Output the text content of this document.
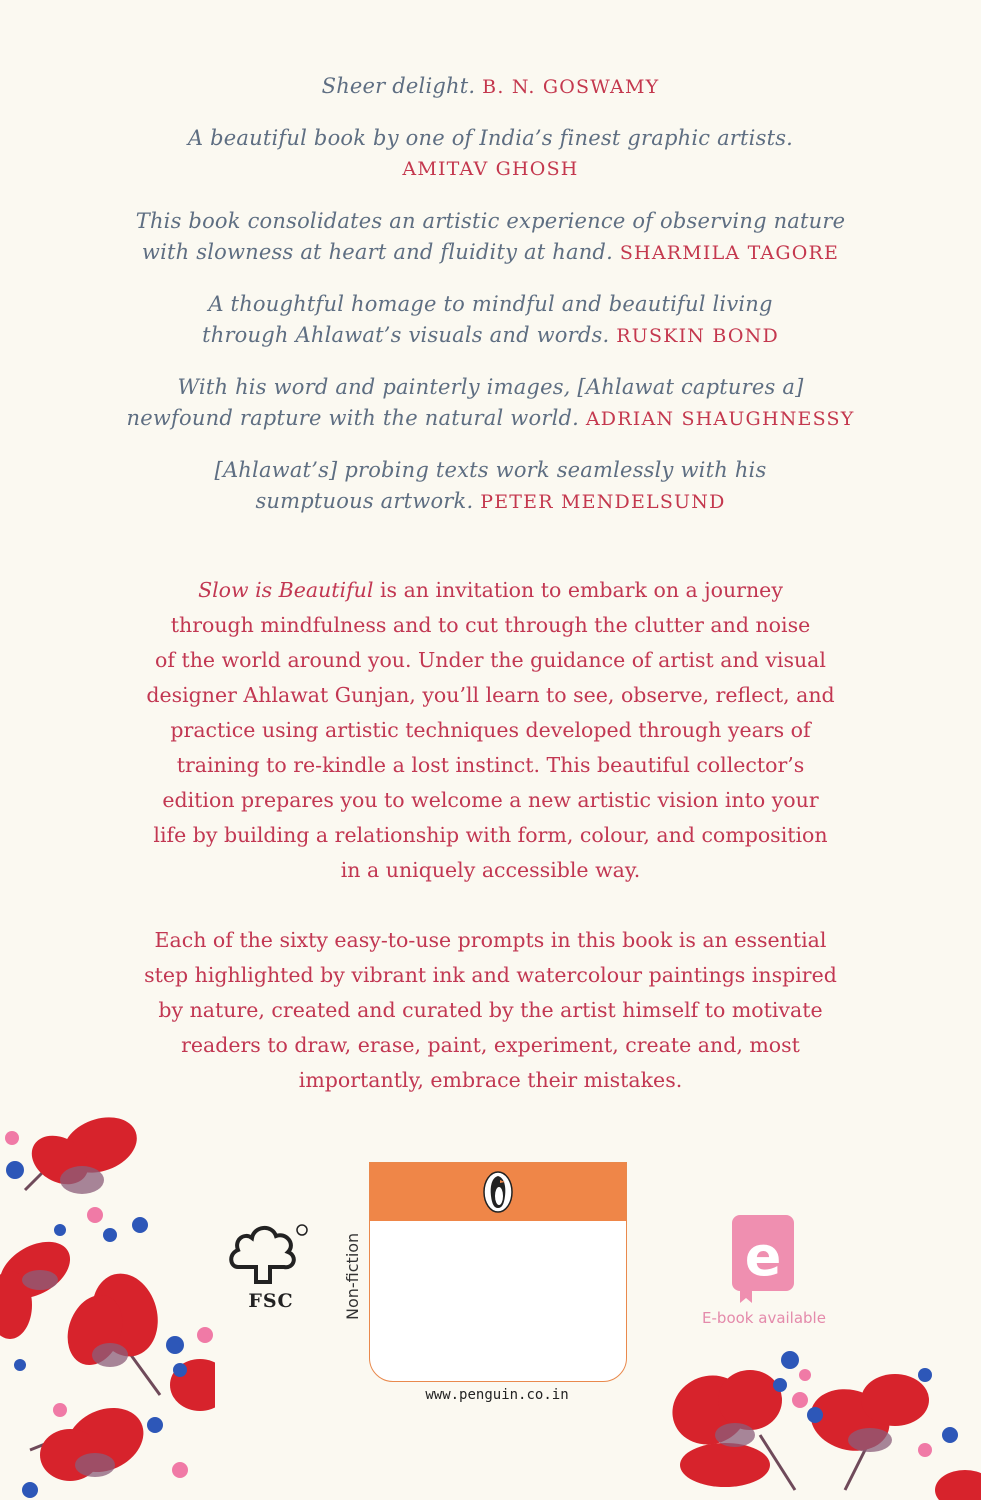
Sheer delight. B. N. GOSWAMY
A beautiful book by one of India’s finest graphic artists.
AMITAV GHOSH
This book consolidates an artistic experience of observing nature
with slowness at heart and fluidity at hand. SHARMILA TAGORE
A thoughtful homage to mindful and beautiful living
through Ahlawat’s visuals and words. RUSKIN BOND
With his word and painterly images, [Ahlawat captures a]
newfound rapture with the natural world. ADRIAN SHAUGHNESSY
[Ahlawat’s] probing texts work seamlessly with his
sumptuous artwork. PETER MENDELSUND
Slow is Beautiful is an invitation to embark on a journey
through mindfulness and to cut through the clutter and noise
of the world around you. Under the guidance of artist and visual
designer Ahlawat Gunjan, you’ll learn to see, observe, reflect, and
practice using artistic techniques developed through years of
training to re-kindle a lost instinct. This beautiful collector’s
edition prepares you to welcome a new artistic vision into your
life by building a relationship with form, colour, and composition
in a uniquely accessible way.
Each of the sixty easy-to-use prompts in this book is an essential
step highlighted by vibrant ink and watercolour paintings inspired
by nature, created and curated by the artist himself to motivate
readers to draw, erase, paint, experiment, create and, most
importantly, embrace their mistakes.
FSC	Non-fiction
www.penguin.co.in
e
E-book available
